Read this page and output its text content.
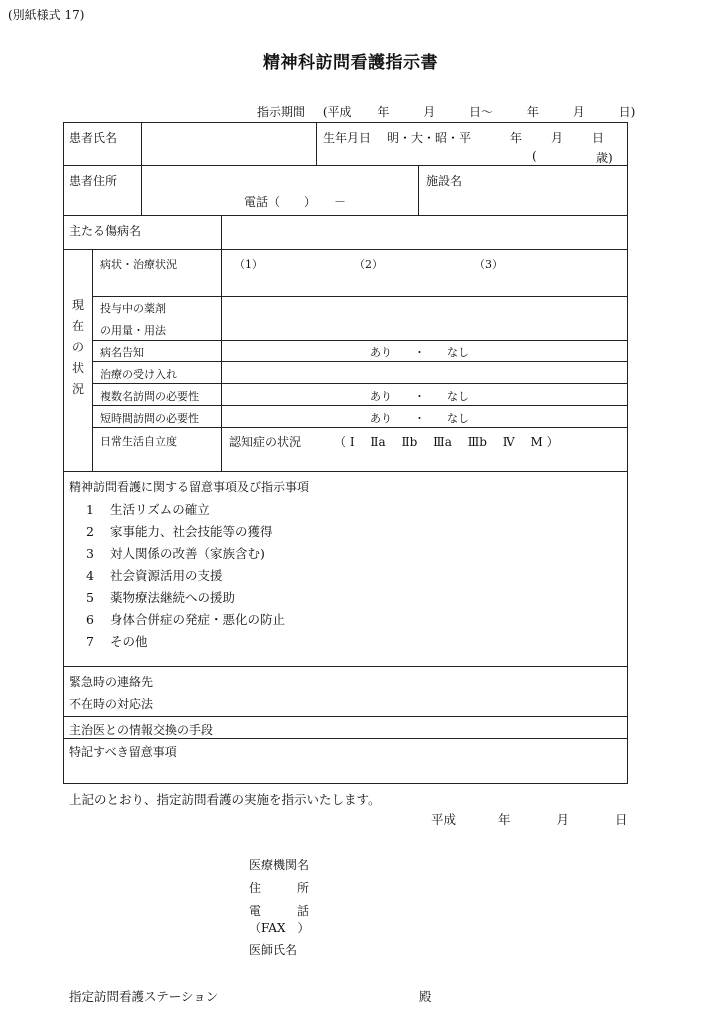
(別紙様式 17)
精神科訪問看護指示書
指示期間 (平成 年	月	日〜	年	月	日)
患者氏名	生年月日 明・大・昭・平	年 月 日
(	歳)
患者住所
電話（　　）　　－
施設名
主たる傷病名
現
在
の
状
況
病状・治療状況	（1）	（2）	（3）
投与中の薬剤
の用量・用法
病名告知	あり　　・　　なし
治療の受け入れ
複数名訪問の必要性	あり　　・　　なし
短時間訪問の必要性	あり　　・　　なし
日常生活自立度	認知症の状況	（ Ⅰ　 Ⅱa　 Ⅱb　 Ⅲa　 Ⅲb　 Ⅳ　 M ）
精神訪問看護に関する留意事項及び指示事項
1 生活リズムの確立
2 家事能力、社会技能等の獲得
3 対人関係の改善（家族含む)
4 社会資源活用の支援
5 薬物療法継続への援助
6 身体合併症の発症・悪化の防止
7 その他
緊急時の連絡先
不在時の対応法
主治医との情報交換の手段
特記すべき留意事項
上記のとおり、指定訪問看護の実施を指示いたします。
平成	年	月	日
医療機関名
住　　　所
電　　　話
（FAX　）
医師氏名
指定訪問看護ステーション	殿
